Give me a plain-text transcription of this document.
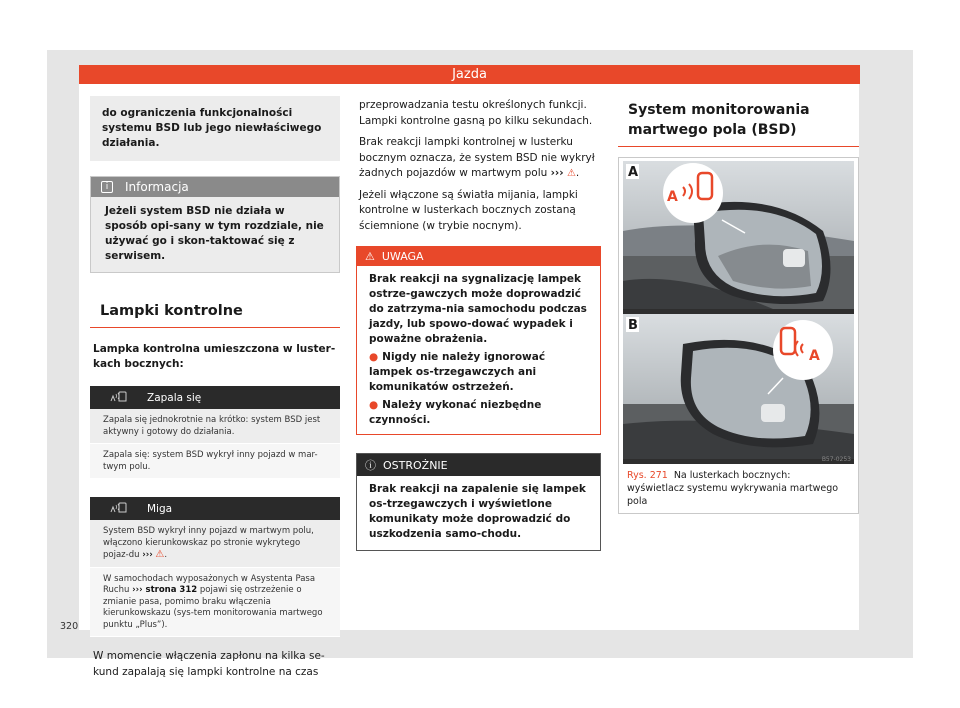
Jazda
do ograniczenia funkcjonalności systemu BSD lub jego niewłaściwego działania.
i	Informacja
Jeżeli system BSD nie działa w sposób opi-sany w tym rozdziale, nie używać go i skon-taktować się z serwisem.
Lampki kontrolne
Lampka kontrolna umieszczona w luster-kach bocznych:
Zapala się
Zapala się jednokrotnie na krótko: system BSD jest aktywny i gotowy do działania.
Zapala się: system BSD wykrył inny pojazd w mar-twym polu.
Miga
System BSD wykrył inny pojazd w martwym polu, włączono kierunkowskaz po stronie wykrytego pojaz-du ››› ⚠.
W samochodach wyposażonych w Asystenta Pasa Ruchu ››› strona 312 pojawi się ostrzeżenie o zmianie pasa, pomimo braku włączenia kierunkowskazu (sys-tem monitorowania martwego punktu „Plus”).
W momencie włączenia zapłonu na kilka se-kund zapalają się lampki kontrolne na czas
przeprowadzania testu określonych funkcji. Lampki kontrolne gasną po kilku sekundach.
Brak reakcji lampki kontrolnej w lusterku bocznym oznacza, że system BSD nie wykrył żadnych pojazdów w martwym polu ››› ⚠.
Jeżeli włączone są światła mijania, lampki kontrolne w lusterkach bocznych zostaną ściemnione (w trybie nocnym).
⚠ UWAGA
Brak reakcji na sygnalizację lampek ostrze-gawczych może doprowadzić do zatrzyma-nia samochodu podczas jazdy, lub spowo-dować wypadek i poważne obrażenia.
● Nigdy nie należy ignorować lampek os-trzegawczych ani komunikatów ostrzeżeń.
● Należy wykonać niezbędne czynności.
ⓘ OSTROŻNIE
Brak reakcji na zapalenie się lampek os-trzegawczych i wyświetlone komunikaty może doprowadzić do uszkodzenia samo-chodu.
System monitorowania martwego pola (BSD)
A
A
A
B
B57-0253
Rys. 271 Na lusterkach bocznych: wyświetlacz systemu wykrywania martwego pola
320
